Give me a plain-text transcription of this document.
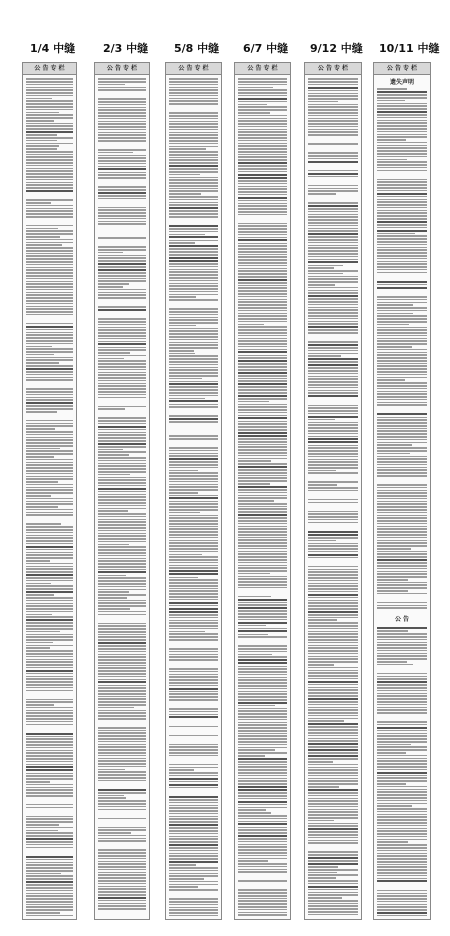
1/4 中缝	2/3 中缝 5/8 中缝 6/7 中缝 9/12 中缝 10/11 中缝
公 告 专 栏	公 告 专 栏	公 告 专 栏	公 告 专 栏	公 告 专 栏	公 告 专 栏
遗失声明
公 告
